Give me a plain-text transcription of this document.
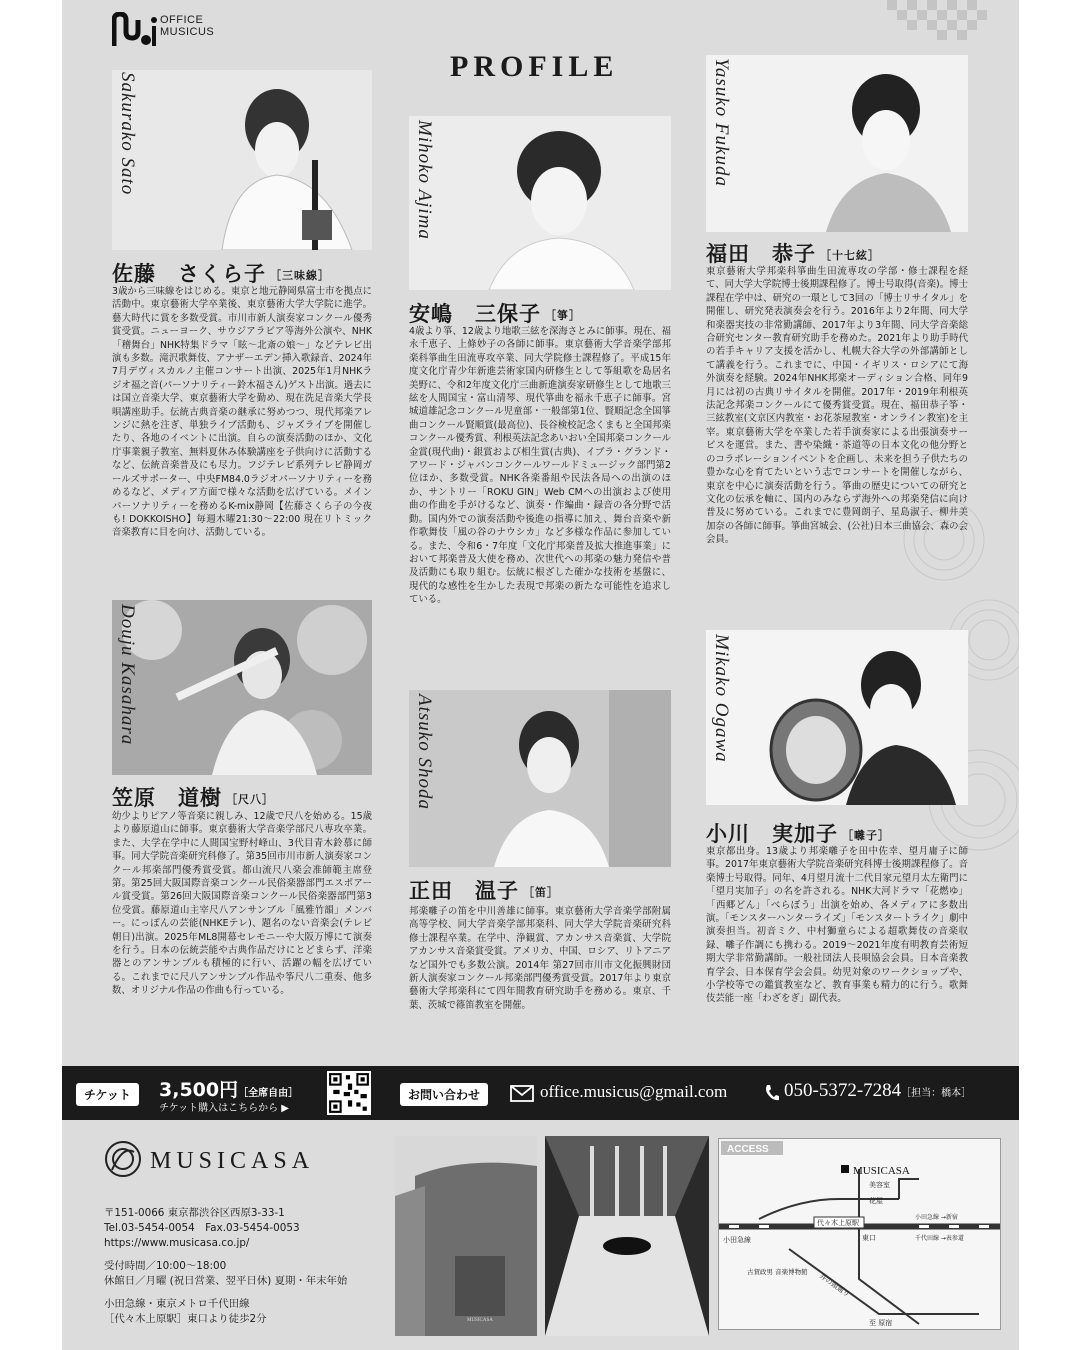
OFFICE
MUSICUS
PROFILE
Sakurako Sato
佐藤　さくら子 ［三味線］
3歳から三味線をはじめる。東京と地元静岡県富士市を拠点に活動中。東京藝術大学卒業後、東京藝術大学大学院に進学。藝大時代に賞を多数受賞。市川市新人演奏家コンクール優秀賞受賞。ニューヨーク、サウジアラビア等海外公演や、NHK「稽舞台」NHK特集ドラマ「眩～北斎の娘～」などテレビ出演も多数。滝沢歌舞伎、アナザーエデン挿入歌録音、2024年7月デヴィスカルノ主催コンサート出演、2025年1月NHKラジオ福之音(パーソナリティー鈴木福さん)ゲスト出演。過去には国立音楽大学、東京藝術大学を勤め、現在洗足音楽大学長唄講座助手。伝統古典音楽の継承に努めつつ、現代邦楽アレンジに熱を注ぎ、単独ライブ活動も、ジャズライブを開催したり、各地のイベントに出演。自らの演奏活動のほか、文化庁事業親子教室、無料夏休み体験講座を子供向けに活動するなど、伝統音楽普及にも尽力。フジテレビ系列テレビ静岡ガールズサポーター、中央FM84.0ラジオパーソナリティーを務めるなど、メディア方面で様々な活動を広げている。メインパーソナリティーを務めるK-mix静岡【佐藤さくら子の今夜も! DOKKOISHO】毎週木曜21:30～22:00 現在リトミック音楽教育に目を向け、活動している。
Mihoko Ajima
安嶋　三保子 ［箏］
4歳より箏、12歳より地歌三絃を深海さとみに師事。現在、福永千恵子、上條妙子の各師に師事。東京藝術大学音楽学部邦楽科箏曲生田流専攻卒業、同大学院修士課程修了。平成15年度文化庁青少年新進芸術家国内研修生として筝組歌を島居名美野に、令和2年度文化庁三曲新進演奏家研修生として地歌三絃を人間国宝・富山清琴、現代箏曲を福永千恵子に師事。宮城道雄記念コンクール児童部・一般部第1位、賢順記念全国箏曲コンクール賢順賞(最高位)、長谷検校記念くまもと全国邦楽コンクール優秀賞、利根英法記念あいおい全国邦楽コンクール金賞(現代曲)・銀賞および相生賞(古典)、イブラ・グランド・アワード・ジャパンコンクールワールドミュージック部門第2位ほか、多数受賞。NHK各楽番組や民法各局への出演のほか、サントリー「ROKU GIN」Web CMへの出演および使用曲の作曲を手がけるなど、演奏・作編曲・録音の各分野で活動。国内外での演奏活動や後進の指導に加え、舞台音楽や新作歌舞伎「風の谷のナウシカ」など多様な作品に参加している。また、令和6・7年度「文化庁邦楽普及拡大推進事業」において邦楽普及大使を務め、次世代への邦楽の魅力発信や普及活動にも取り組む。伝統に根ざした確かな技術を基盤に、現代的な感性を生かした表現で邦楽の新たな可能性を追求している。
Yasuko Fukuda
福田　恭子 ［十七絃］
東京藝術大学邦楽科箏曲生田流専攻の学部・修士課程を経て、同大学大学院博士後期課程修了。博士号取得(音楽)。博士課程在学中は、研究の一環として3回の「博士リサイタル」を開催し、研究発表演奏会を行う。2016年より2年間、同大学和楽器実技の非常勤講師、2017年より3年間、同大学音楽総合研究センター教育研究助手を務めた。2021年より助手時代の若手キャリア支援を活かし、札幌大谷大学の外部講師として講義を行う。これまでに、中国・イギリス・ロシアにて海外演奏を経験。2024年NHK邦楽オーディション合格、同年9月には初の古典リサイタルを開催。2017年・2019年利根英法記念邦楽コンクールにて優秀賞受賞。現在、福田恭子筝・三絃教室(文京区内教室・お花茶屋教室・オンライン教室)を主宰。東京藝術大学を卒業した若手演奏家による出張演奏サービスを運営。また、書や染織・茶道等の日本文化の他分野とのコラボレーションイベントを企画し、未来を担う子供たちの豊かな心を育てたいという志でコンサートを開催しながら、東京を中心に演奏活動を行う。箏曲の歴史についての研究と文化の伝承を軸に、国内のみならず海外への邦楽発信に向け普及に努めている。これまでに豊岡朗子、星島淑子、柳井美加奈の各師に師事。箏曲宮城会、(公社)日本三曲協会、森の会会員。
Douju Kasahara
笠原　道樹 ［尺八］
幼少よりピアノ等音楽に親しみ、12歳で尺八を始める。15歳より藤原道山に師事。東京藝術大学音楽学部尺八専攻卒業。また、大学在学中に人間国宝野村峰山、3代目青木鈴慕に師事。同大学院音楽研究科修了。第35回市川市新人演奏家コンクール邦楽部門優秀賞受賞。都山流尺八楽会准師範主席登第。第25回大阪国際音楽コンクール民俗楽器部門エスポアール賞受賞。第26回大阪国際音楽コンクール民俗楽器部門第3位受賞。藤原道山主宰尺八アンサンブル「風雅竹韻」メンバー。にっぽんの芸能(NHKEテレ)、題名のない音楽会(テレビ朝日)出演。2025年ML8開幕セレモニーや大阪万博にて演奏を行う。日本の伝統芸能や古典作品だけにとどまらず、洋楽器とのアンサンブルも積極的に行い、活躍の幅を広げている。これまでに尺八アンサンブル作品や筝尺八二重奏、他多数、オリジナル作品の作曲も行っている。
Atsuko Shoda
正田　温子 ［笛］
邦楽囃子の笛を中川善雄に師事。東京藝術大学音楽学部附属高等学校、同大学音楽学部邦楽科、同大学大学院音楽研究科修士課程卒業。在学中、浄観賞、アカンサス音楽賞、大学院アカンサス音楽賞受賞。アメリカ、中国、ロシア、リトアニアなど国外でも多数公演。2014年 第27回市川市文化振興財団新人演奏家コンクール邦楽部門優秀賞受賞。2017年より東京藝術大学邦楽科にて四年間教育研究助手を務める。東京、千葉、茨城で篠笛教室を開催。
Mikako Ogawa
小川　実加子 ［囃子］
東京都出身。13歳より邦楽囃子を田中佐幸、望月庸子に師事。2017年東京藝術大学院音楽研究科博士後期課程修了。音楽博士号取得。同年、4月望月流十二代目家元望月太左衛門に「望月実加子」の名を許される。NHK大河ドラマ「花燃ゆ」「西郷どん」「べらぼう」出演を始め、各メディアに多数出演。「モンスターハンターライズ」「モンスタートライク」劇中演奏担当。初音ミク、中村獅童らによる超歌舞伎の音楽収録、囃子作調にも携わる。2019～2021年度有明教育芸術短期大学非常勤講師。一般社団法人長唄協会会員。日本音楽教育学会、日本保育学会会員。幼児対象のワークショップや、小学校等での鑑賞教室など、教育事業も精力的に行う。歌舞伎芸能一座「わざをぎ」副代表。
チケット	3,500円［全席自由］
チケット購入はこちらから ▶
お問い合わせ	office.musicus@gmail.com	050-5372-7284［担当：橋本］
MUSICASA
〒151-0066 東京都渋谷区西原3-33-1
Tel.03-5454-0054　Fax.03-5454-0053
https://www.musicasa.co.jp/
受付時間／10:00～18:00
休館日／月曜 (祝日営業、翌平日休) 夏期・年末年始
小田急線・東京メトロ千代田線
［代々木上原駅］東口より徒歩2分	MUSICASA
ACCESS
MUSICASA
美容室
花屋
代々木上原駅
小田急線	東口
小田急線 →新宿
千代田線 →表参道
古賀政男 音楽博物館
井の頭通り
至 原宿
